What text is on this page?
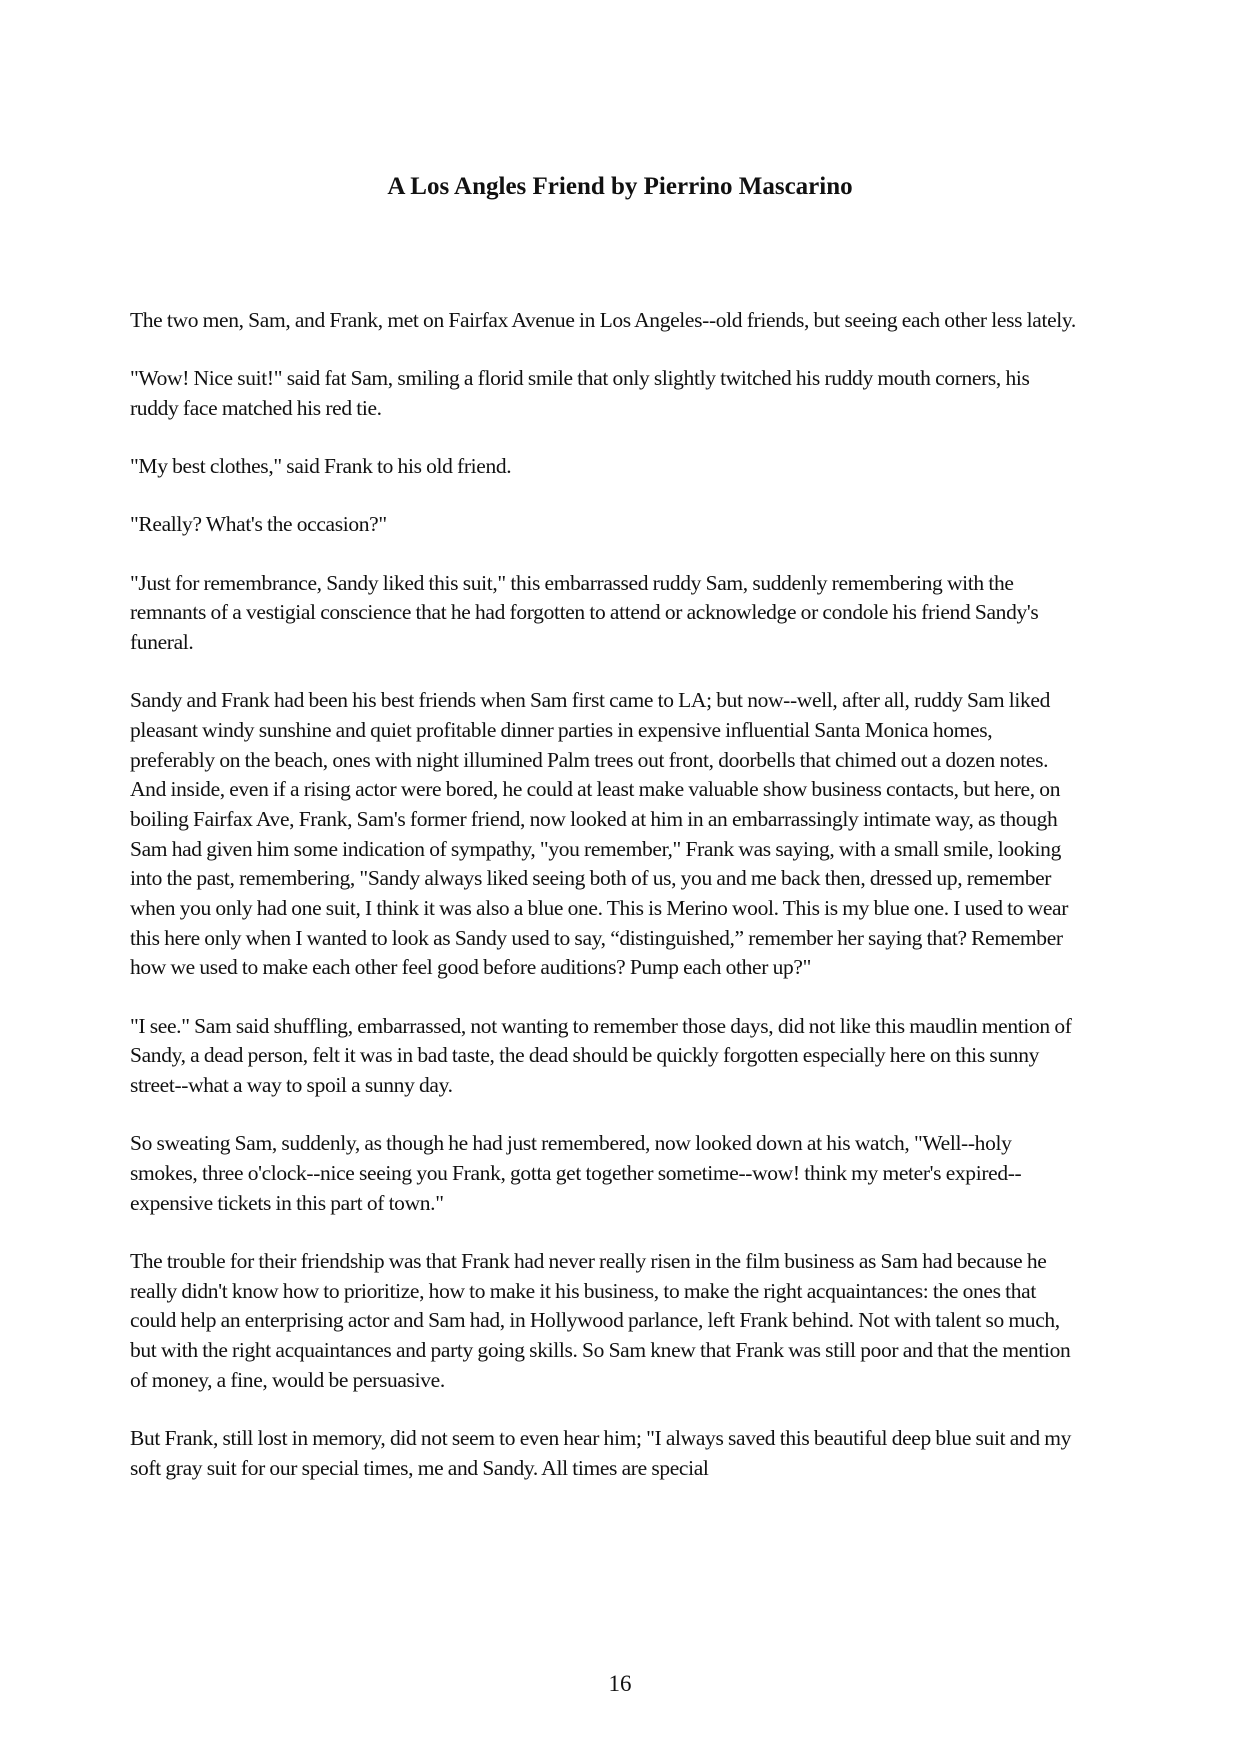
A Los Angles Friend by Pierrino Mascarino

The two men, Sam, and Frank, met on Fairfax Avenue in Los Angeles--old friends, but seeing each other less lately.

"Wow! Nice suit!" said fat Sam, smiling a florid smile that only slightly twitched his ruddy mouth corners, his ruddy face matched his red tie.

"My best clothes," said Frank to his old friend.

"Really? What's the occasion?"

"Just for remembrance, Sandy liked this suit," this embarrassed ruddy Sam, suddenly remembering with the remnants of a vestigial conscience that he had forgotten to attend or acknowledge or condole his friend Sandy's funeral.

Sandy and Frank had been his best friends when Sam first came to LA; but now--well, after all, ruddy Sam liked pleasant windy sunshine and quiet profitable dinner parties in expensive influential Santa Monica homes, preferably on the beach, ones with night illumined Palm trees out front, doorbells that chimed out a dozen notes. And inside, even if a rising actor were bored, he could at least make valuable show business contacts, but here, on boiling Fairfax Ave, Frank, Sam's former friend, now looked at him in an embarrassingly intimate way, as though Sam had given him some indication of sympathy, "you remember," Frank was saying, with a small smile, looking into the past, remembering, "Sandy always liked seeing both of us, you and me back then, dressed up, remember when you only had one suit, I think it was also a blue one. This is Merino wool. This is my blue one. I used to wear this here only when I wanted to look as Sandy used to say, “distinguished,” remember her saying that? Remember how we used to make each other feel good before auditions? Pump each other up?"

"I see." Sam said shuffling, embarrassed, not wanting to remember those days, did not like this maudlin mention of Sandy, a dead person, felt it was in bad taste, the dead should be quickly forgotten especially here on this sunny street--what a way to spoil a sunny day.

So sweating Sam, suddenly, as though he had just remembered, now looked down at his watch, "Well--holy smokes, three o'clock--nice seeing you Frank, gotta get together sometime--wow! think my meter's expired--expensive tickets in this part of town."

The trouble for their friendship was that Frank had never really risen in the film business as Sam had because he really didn't know how to prioritize, how to make it his business, to make the right acquaintances: the ones that could help an enterprising actor and Sam had, in Hollywood parlance, left Frank behind. Not with talent so much, but with the right acquaintances and party going skills. So Sam knew that Frank was still poor and that the mention of money, a fine, would be persuasive.

But Frank, still lost in memory, did not seem to even hear him; "I always saved this beautiful deep blue suit and my soft gray suit for our special times, me and Sandy. All times are special

16
